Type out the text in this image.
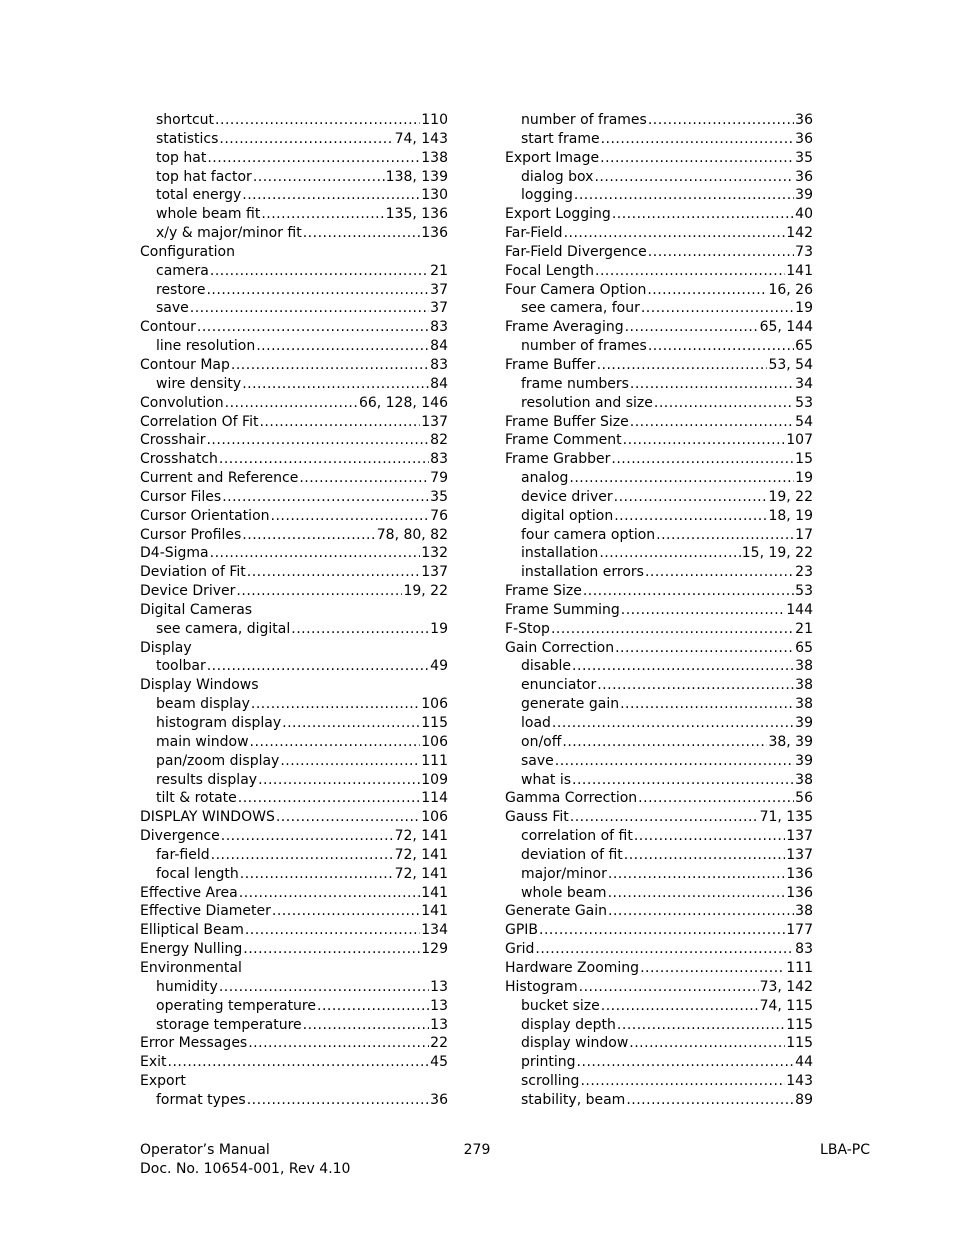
shortcut .....	110
statistics .....	74, 143
top hat .....	138
top hat factor .....	138, 139
total energy .....	130
whole beam fit .....	135, 136
x/y & major/minor fit .....	136
Configuration
camera .....	21
restore .....	37
save .....	37
Contour .....	83
line resolution .....	84
Contour Map .....	83
wire density .....	84
Convolution .....	66, 128, 146
Correlation Of Fit .....	137
Crosshair .....	82
Crosshatch .....	83
Current and Reference .....	79
Cursor Files .....	35
Cursor Orientation .....	76
Cursor Profiles .....	78, 80, 82
D4-Sigma .....	132
Deviation of Fit .....	137
Device Driver .....	19, 22
Digital Cameras
see camera, digital .....	19
Display
toolbar .....	49
Display Windows
beam display .....	106
histogram display .....	115
main window .....	106
pan/zoom display .....	111
results display .....	109
tilt & rotate .....	114
DISPLAY WINDOWS .....	106
Divergence .....	72, 141
far-field .....	72, 141
focal length .....	72, 141
Effective Area .....	141
Effective Diameter .....	141
Elliptical Beam .....	134
Energy Nulling .....	129
Environmental
humidity .....	13
operating temperature .....	13
storage temperature .....	13
Error Messages .....	22
Exit .....	45
Export
format types .....	36
number of frames .....	36
start frame .....	36
Export Image .....	35
dialog box .....	36
logging .....	39
Export Logging .....	40
Far-Field .....	142
Far-Field Divergence .....	73
Focal Length .....	141
Four Camera Option .....	16, 26
see camera, four .....	19
Frame Averaging .....	65, 144
number of frames .....	65
Frame Buffer .....	53, 54
frame numbers .....	34
resolution and size .....	53
Frame Buffer Size .....	54
Frame Comment .....	107
Frame Grabber .....	15
analog .....	19
device driver .....	19, 22
digital option .....	18, 19
four camera option .....	17
installation .....	15, 19, 22
installation errors .....	23
Frame Size .....	53
Frame Summing .....	144
F-Stop .....	21
Gain Correction .....	65
disable .....	38
enunciator .....	38
generate gain .....	38
load .....	39
on/off .....	38, 39
save .....	39
what is .....	38
Gamma Correction .....	56
Gauss Fit .....	71, 135
correlation of fit .....	137
deviation of fit .....	137
major/minor .....	136
whole beam .....	136
Generate Gain .....	38
GPIB .....	177
Grid .....	83
Hardware Zooming .....	111
Histogram .....	73, 142
bucket size .....	74, 115
display depth .....	115
display window .....	115
printing .....	44
scrolling .....	143
stability, beam .....	89
Operator’s Manual
Doc. No. 10654-001, Rev 4.10
279	LBA-PC
